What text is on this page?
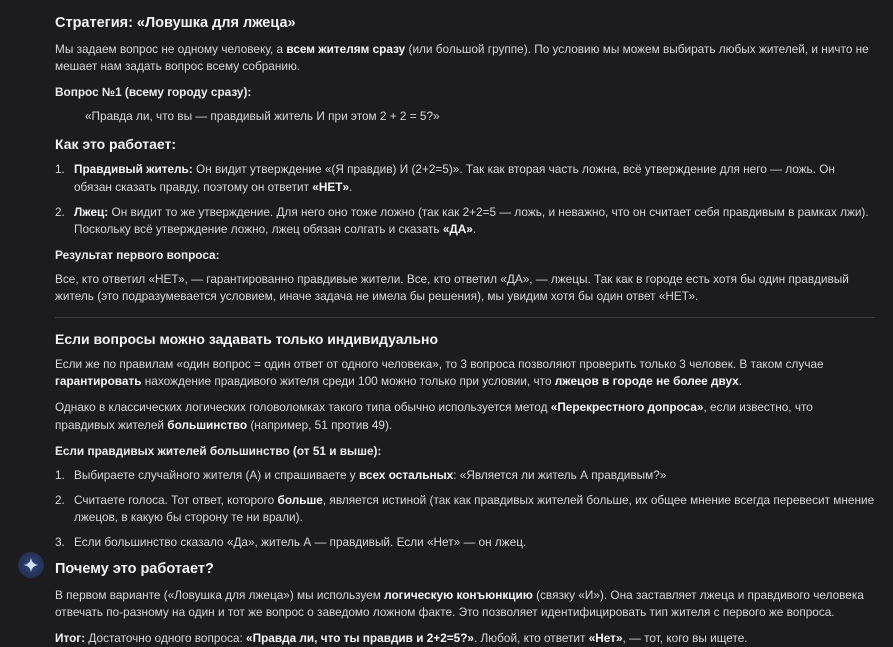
Стратегия: «Ловушка для лжеца»

Мы задаем вопрос не одному человеку, а всем жителям сразу (или большой группе). По условию мы можем выбирать любых жителей, и ничто не мешает нам задать вопрос всему собранию.

Вопрос №1 (всему городу сразу):

«Правда ли, что вы — правдивый житель И при этом 2 + 2 = 5?»
Как это работает:
1. Правдивый житель: Он видит утверждение «(Я правдив) И (2+2=5)». Так как вторая часть ложна, всё утверждение для него — ложь. Он обязан сказать правду, поэтому он ответит «НЕТ».
2. Лжец: Он видит то же утверждение. Для него оно тоже ложно (так как 2+2=5 — ложь, и неважно, что он считает себя правдивым в рамках лжи). Поскольку всё утверждение ложно, лжец обязан солгать и сказать «ДА».

Результат первого вопроса:

Все, кто ответил «НЕТ», — гарантированно правдивые жители. Все, кто ответил «ДА», — лжецы. Так как в городе есть хотя бы один правдивый житель (это подразумевается условием, иначе задача не имела бы решения), мы увидим хотя бы один ответ «НЕТ».

Если вопросы можно задавать только индивидуально

Если же по правилам «один вопрос = один ответ от одного человека», то 3 вопроса позволяют проверить только 3 человек. В таком случае гарантировать нахождение правдивого жителя среди 100 можно только при условии, что лжецов в городе не более двух.

Однако в классических логических головоломках такого типа обычно используется метод «Перекрестного допроса», если известно, что правдивых жителей большинство (например, 51 против 49).

Если правдивых жителей большинство (от 51 и выше):

1. Выбираете случайного жителя (А) и спрашиваете у всех остальных: «Является ли житель А правдивым?»
2. Считаете голоса. Тот ответ, которого больше, является истиной (так как правдивых жителей больше, их общее мнение всегда перевесит мнение лжецов, в какую бы сторону те ни врали).
3. Если большинство сказало «Да», житель А — правдивый. Если «Нет» — он лжец.
Почему это работает?

В первом варианте («Ловушка для лжеца») мы используем логическую конъюнкцию (связку «И»). Она заставляет лжеца и правдивого человека отвечать по-разному на один и тот же вопрос о заведомо ложном факте. Это позволяет идентифицировать тип жителя с первого же вопроса.

Итог: Достаточно одного вопроса: «Правда ли, что ты правдив и 2+2=5?». Любой, кто ответит «Нет», — тот, кого вы ищете.
